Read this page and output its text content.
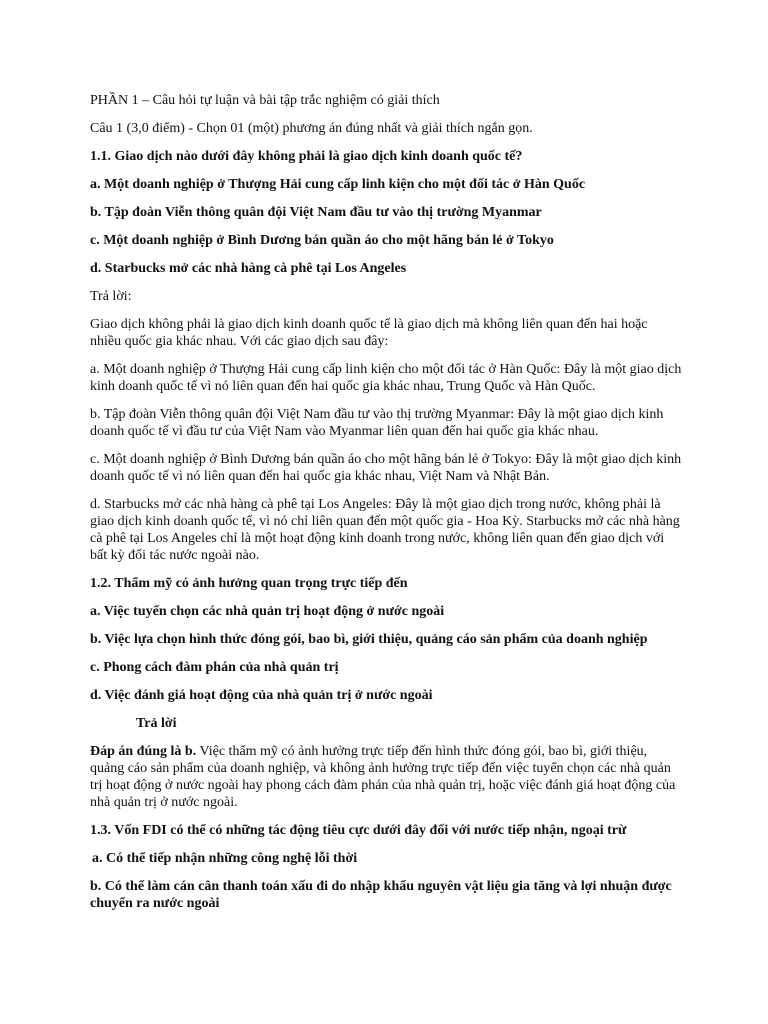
PHẦN 1 – Câu hỏi tự luận và bài tập trắc nghiệm có giải thích

Câu 1 (3,0 điểm) - Chọn 01 (một) phương án đúng nhất và giải thích ngắn gọn.

1.1. Giao dịch nào dưới đây không phải là giao dịch kinh doanh quốc tế?

a. Một doanh nghiệp ở Thượng Hải cung cấp linh kiện cho một đối tác ở Hàn Quốc

b. Tập đoàn Viễn thông quân đội Việt Nam đầu tư vào thị trường Myanmar

c. Một doanh nghiệp ở Bình Dương bán quần áo cho một hãng bán lẻ ở Tokyo

d. Starbucks mở các nhà hàng cà phê tại Los Angeles

Trả lời:

Giao dịch không phải là giao dịch kinh doanh quốc tế là giao dịch mà không liên quan đến hai hoặc nhiều quốc gia khác nhau. Với các giao dịch sau đây:

a. Một doanh nghiệp ở Thượng Hải cung cấp linh kiện cho một đối tác ở Hàn Quốc: Đây là một giao dịch kinh doanh quốc tế vì nó liên quan đến hai quốc gia khác nhau, Trung Quốc và Hàn Quốc.

b. Tập đoàn Viễn thông quân đội Việt Nam đầu tư vào thị trường Myanmar: Đây là một giao dịch kinh doanh quốc tế vì đầu tư của Việt Nam vào Myanmar liên quan đến hai quốc gia khác nhau.

c. Một doanh nghiệp ở Bình Dương bán quần áo cho một hãng bán lẻ ở Tokyo: Đây là một giao dịch kinh doanh quốc tế vì nó liên quan đến hai quốc gia khác nhau, Việt Nam và Nhật Bản.

d. Starbucks mở các nhà hàng cà phê tại Los Angeles: Đây là một giao dịch trong nước, không phải là giao dịch kinh doanh quốc tế, vì nó chỉ liên quan đến một quốc gia - Hoa Kỳ. Starbucks mở các nhà hàng cà phê tại Los Angeles chỉ là một hoạt động kinh doanh trong nước, không liên quan đến giao dịch với bất kỳ đối tác nước ngoài nào.

1.2. Thẩm mỹ có ảnh hưởng quan trọng trực tiếp đến

a. Việc tuyển chọn các nhà quản trị hoạt động ở nước ngoài

b. Việc lựa chọn hình thức đóng gói, bao bì, giới thiệu, quảng cáo sản phẩm của doanh nghiệp

c. Phong cách đàm phán của nhà quản trị

d. Việc đánh giá hoạt động của nhà quản trị ở nước ngoài

Trả lời

Đáp án đúng là b. Việc thẩm mỹ có ảnh hưởng trực tiếp đến hình thức đóng gói, bao bì, giới thiệu, quảng cáo sản phẩm của doanh nghiệp, và không ảnh hưởng trực tiếp đến việc tuyển chọn các nhà quản trị hoạt động ở nước ngoài hay phong cách đàm phán của nhà quản trị, hoặc việc đánh giá hoạt động của nhà quản trị ở nước ngoài.

1.3. Vốn FDI có thể có những tác động tiêu cực dưới đây đối với nước tiếp nhận, ngoại trừ

a. Có thể tiếp nhận những công nghệ lỗi thời

b. Có thể làm cán cân thanh toán xấu đi do nhập khẩu nguyên vật liệu gia tăng và lợi nhuận được chuyển ra nước ngoài
